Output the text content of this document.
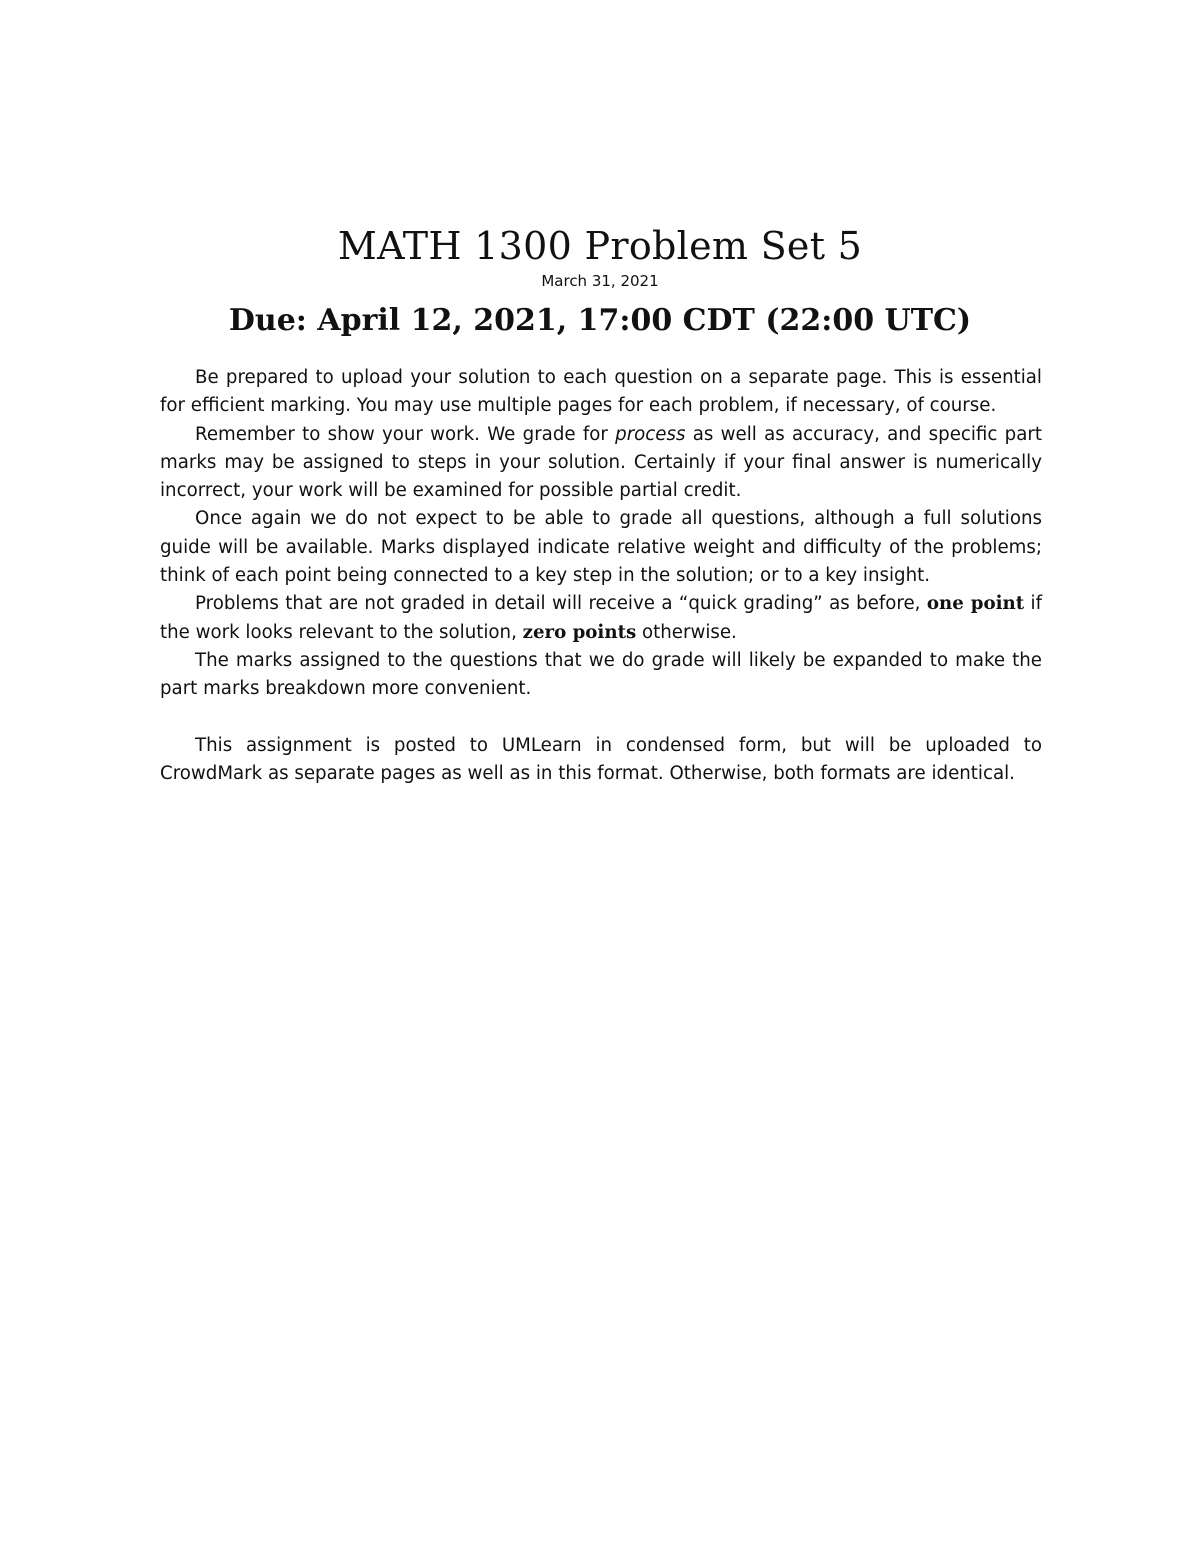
MATH 1300 Problem Set 5
March 31, 2021
Due: April 12, 2021, 17:00 CDT (22:00 UTC)

Be prepared to upload your solution to each question on a separate page. This is essential for efficient marking. You may use multiple pages for each problem, if necessary, of course.

Remember to show your work. We grade for process as well as accuracy, and specific part marks may be assigned to steps in your solution. Certainly if your final answer is numerically incorrect, your work will be examined for possible partial credit.

Once again we do not expect to be able to grade all questions, although a full solutions guide will be available. Marks displayed indicate relative weight and difficulty of the problems; think of each point being connected to a key step in the solution; or to a key insight.

Problems that are not graded in detail will receive a “quick grading” as before, one point if the work looks relevant to the solution, zero points otherwise.

The marks assigned to the questions that we do grade will likely be expanded to make the part marks breakdown more convenient.

This assignment is posted to UMLearn in condensed form, but will be uploaded to CrowdMark as separate pages as well as in this format. Otherwise, both formats are identical.
